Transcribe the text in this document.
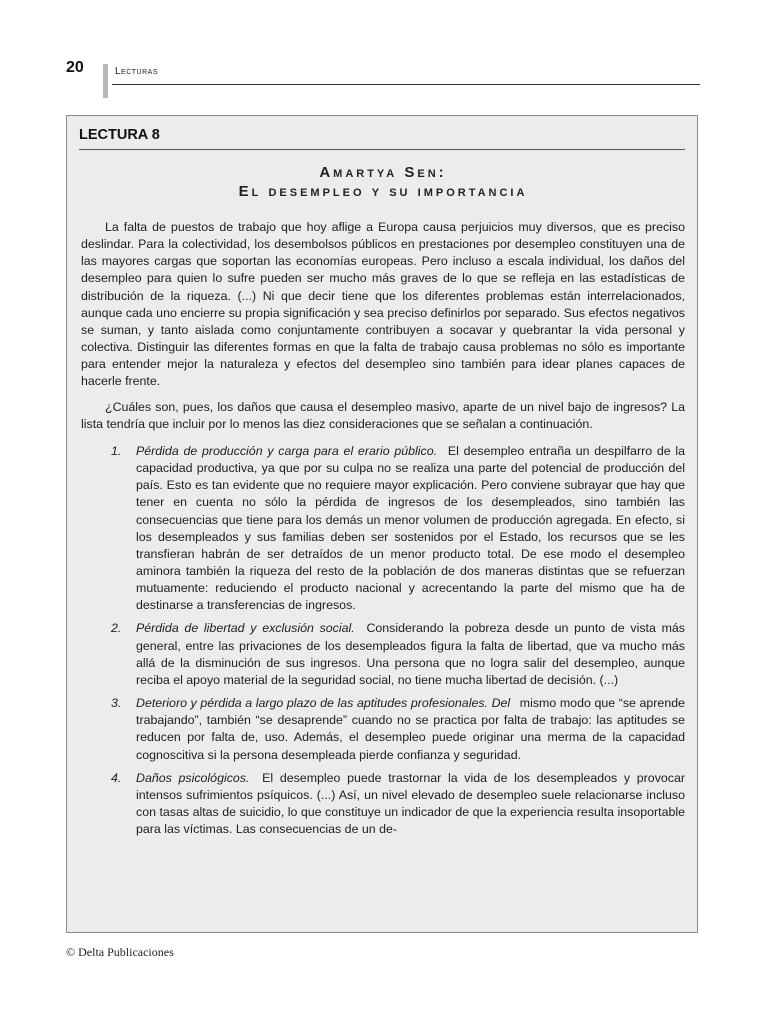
20	Lecturas
LECTURA 8
Amartya Sen:
El desempleo y su importancia

La falta de puestos de trabajo que hoy aflige a Europa causa perjuicios muy diversos, que es preciso deslindar. Para la colectividad, los desembolsos públicos en prestaciones por desempleo constituyen una de las mayores cargas que soportan las economías europeas. Pero incluso a escala individual, los daños del desempleo para quien lo sufre pueden ser mucho más graves de lo que se refleja en las estadísticas de distribución de la riqueza. (...) Ni que decir tiene que los diferentes problemas están interrelacionados, aunque cada uno encierre su propia significación y sea preciso definirlos por separado. Sus efectos negativos se suman, y tanto aislada como conjuntamente contribuyen a socavar y quebrantar la vida personal y colectiva. Distinguir las diferentes formas en que la falta de trabajo causa problemas no sólo es importante para entender mejor la naturaleza y efectos del desempleo sino también para idear planes capaces de hacerle frente.

¿Cuáles son, pues, los daños que causa el desempleo masivo, aparte de un nivel bajo de ingresos? La lista tendría que incluir por lo menos las diez consideraciones que se señalan a continuación.

1. Pérdida de producción y carga para el erario público. El desempleo entraña un despilfarro de la capacidad productiva, ya que por su culpa no se realiza una parte del potencial de producción del país. Esto es tan evidente que no requiere mayor explicación. Pero conviene subrayar que hay que tener en cuenta no sólo la pérdida de ingresos de los desempleados, sino también las consecuencias que tiene para los demás un menor volumen de producción agregada. En efecto, si los desempleados y sus familias deben ser sostenidos por el Estado, los recursos que se les transfieran habrán de ser detraídos de un menor producto total. De ese modo el desempleo aminora también la riqueza del resto de la población de dos maneras distintas que se refuerzan mutuamente: reduciendo el producto nacional y acrecentando la parte del mismo que ha de destinarse a transferencias de ingresos.
2. Pérdida de libertad y exclusión social. Considerando la pobreza desde un punto de vista más general, entre las privaciones de los desempleados figura la falta de libertad, que va mucho más allá de la disminución de sus ingresos. Una persona que no logra salir del desempleo, aunque reciba el apoyo material de la seguridad social, no tiene mucha libertad de decisión. (...)
3. Deterioro y pérdida a largo plazo de las aptitudes profesionales. Del mismo modo que “se aprende trabajando”, también “se desaprende” cuando no se practica por falta de trabajo: las aptitudes se reducen por falta de, uso. Además, el desempleo puede originar una merma de la capacidad cognoscitiva si la persona desempleada pierde confianza y seguridad.
4. Daños psicológicos. El desempleo puede trastornar la vida de los desempleados y provocar intensos sufrimientos psíquicos. (...) Así, un nivel elevado de desempleo suele relacionarse incluso con tasas altas de suicidio, lo que constituye un indicador de que la experiencia resulta insoportable para las víctimas. Las consecuencias de un de-
© Delta Publicaciones
